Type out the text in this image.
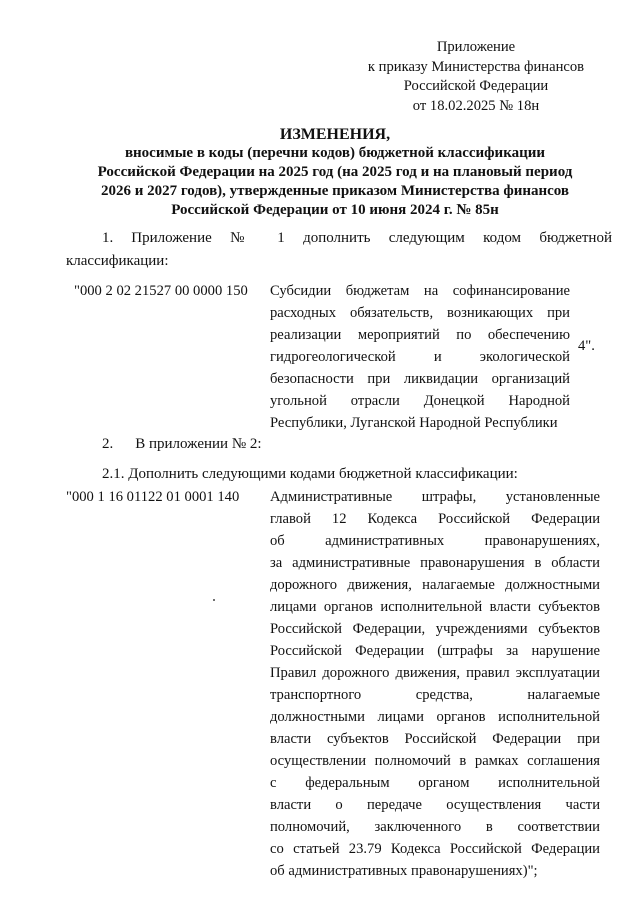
Приложение
к приказу Министерства финансов
Российской Федерации
от 18.02.2025 № 18н
ИЗМЕНЕНИЯ,
вносимые в коды (перечни кодов) бюджетной классификации
Российской Федерации на 2025 год (на 2025 год и на плановый период
2026 и 2027 годов), утвержденные приказом Министерства финансов
Российской Федерации от 10 июня 2024 г. № 85н
1. Приложение № 1 дополнить следующим кодом бюджетной
классификации:
"000 2 02 21527 00 0000 150 Субсидии бюджетам на софинансирование
расходных обязательств, возникающих при
реализации мероприятий по обеспечению
гидрогеологической и экологической
безопасности при ликвидации организаций
угольной отрасли Донецкой Народной
Республики, Луганской Народной Республики
4".
2. В приложении № 2:
2.1. Дополнить следующими кодами бюджетной классификации:
"000 1 16 01122 01 0001 140 Административные штрафы, установленные
главой 12 Кодекса Российской Федерации
об административных правонарушениях,
за административные правонарушения в области
дорожного движения, налагаемые должностными
лицами органов исполнительной власти субъектов
Российской Федерации, учреждениями субъектов
Российской Федерации (штрафы за нарушение
Правил дорожного движения, правил эксплуатации
транспортного средства, налагаемые
должностными лицами органов исполнительной
власти субъектов Российской Федерации при
осуществлении полномочий в рамках соглашения
с федеральным органом исполнительной
власти о передаче осуществления части
полномочий, заключенного в соответствии
со статьей 23.79 Кодекса Российской Федерации
об административных правонарушениях)";
